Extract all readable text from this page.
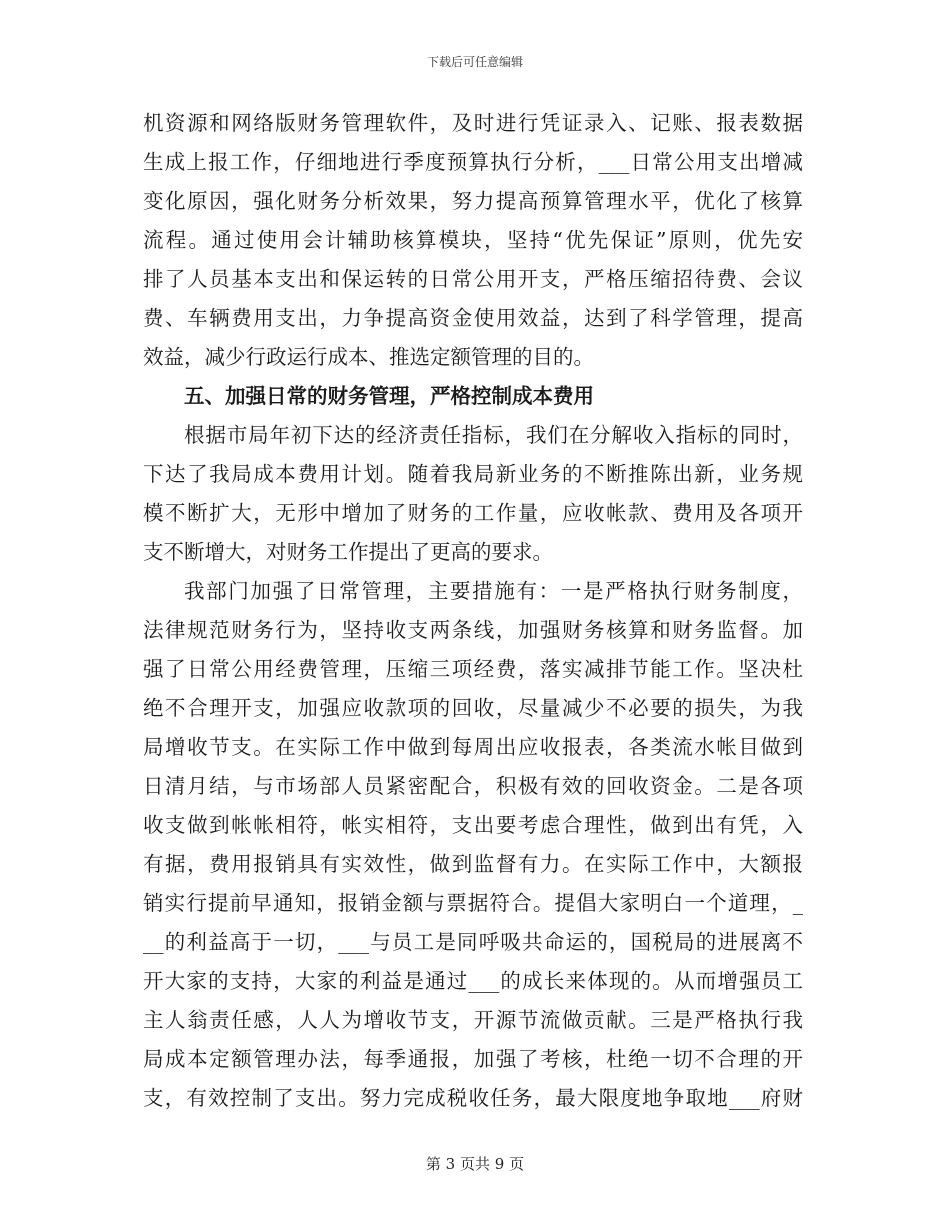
下载后可任意编辑
机资源和网络版财务管理软件，及时进行凭证录入、记账、报表数据
生成上报工作，仔细地进行季度预算执行分析，___日常公用支出增减
变化原因，强化财务分析效果，努力提高预算管理水平，优化了核算
流程。通过使用会计辅助核算模块，坚持“优先保证”原则，优先安
排了人员基本支出和保运转的日常公用开支，严格压缩招待费、会议
费、车辆费用支出，力争提高资金使用效益，达到了科学管理，提高
效益，减少行政运行成本、推选定额管理的目的。
五、加强日常的财务管理，严格控制成本费用
根据市局年初下达的经济责任指标，我们在分解收入指标的同时，
下达了我局成本费用计划。随着我局新业务的不断推陈出新，业务规
模不断扩大，无形中增加了财务的工作量，应收帐款、费用及各项开
支不断增大，对财务工作提出了更高的要求。
我部门加强了日常管理，主要措施有：一是严格执行财务制度，
法律规范财务行为，坚持收支两条线，加强财务核算和财务监督。加
强了日常公用经费管理，压缩三项经费，落实减排节能工作。坚决杜
绝不合理开支，加强应收款项的回收，尽量减少不必要的损失，为我
局增收节支。在实际工作中做到每周出应收报表，各类流水帐目做到
日清月结，与市场部人员紧密配合，积极有效的回收资金。二是各项
收支做到帐帐相符，帐实相符，支出要考虑合理性，做到出有凭，入
有据，费用报销具有实效性，做到监督有力。在实际工作中，大额报
销实行提前早通知，报销金额与票据符合。提倡大家明白一个道理，_
__的利益高于一切，___与员工是同呼吸共命运的，国税局的进展离不
开大家的支持，大家的利益是通过___的成长来体现的。从而增强员工
主人翁责任感，人人为增收节支，开源节流做贡献。三是严格执行我
局成本定额管理办法，每季通报，加强了考核，杜绝一切不合理的开
支，有效控制了支出。努力完成税收任务，最大限度地争取地___府财
第 3 页共 9 页
